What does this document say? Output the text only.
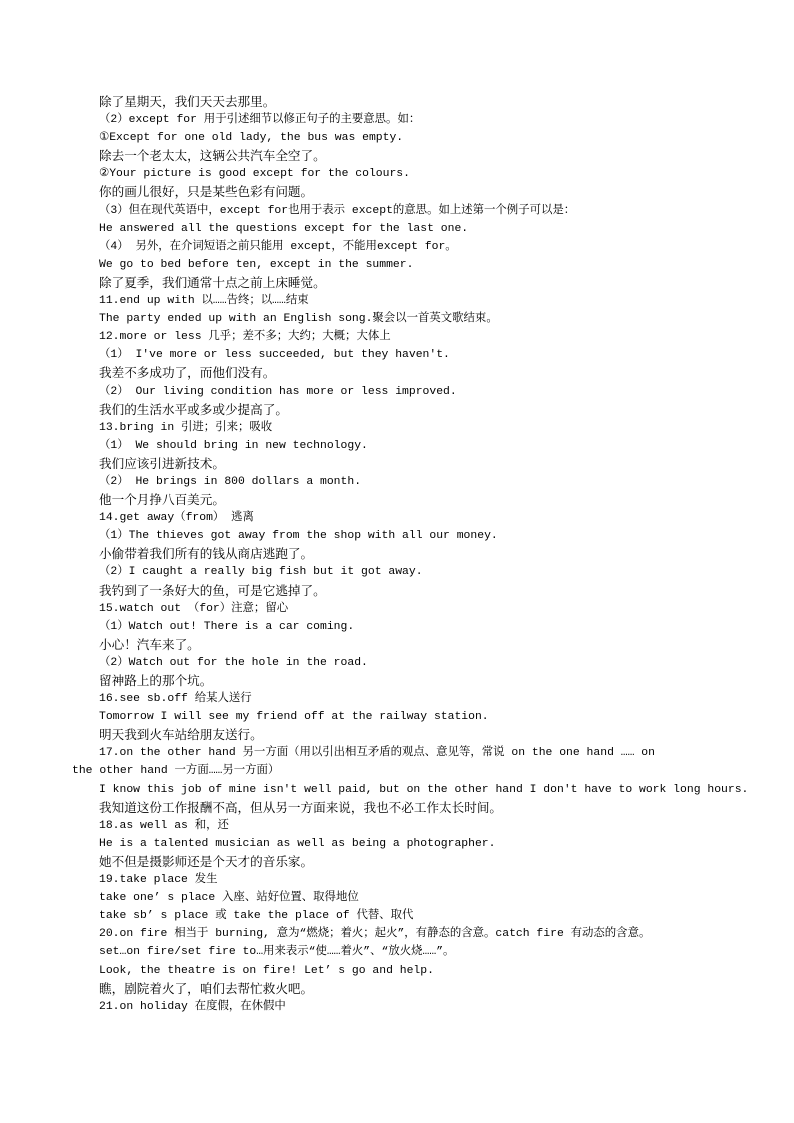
除了星期天，我们天天去那里。
（2）except for 用于引述细节以修正句子的主要意思。如：
①Except for one old lady, the bus was empty.
除去一个老太太，这辆公共汽车全空了。
②Your picture is good except for the colours.
你的画儿很好，只是某些色彩有问题。
（3）但在现代英语中，except for也用于表示 except的意思。如上述第一个例子可以是：
He answered all the questions except for the last one.
（4） 另外，在介词短语之前只能用 except，不能用except for。
We go to bed before ten, except in the summer.
除了夏季，我们通常十点之前上床睡觉。
11.end up with 以……告终；以……结束
The party ended up with an English song.聚会以一首英文歌结束。
12.more or less 几乎；差不多；大约；大概；大体上
（1） I've more or less succeeded, but they haven't.
我差不多成功了，而他们没有。
（2） Our living condition has more or less improved.
我们的生活水平或多或少提高了。
13.bring in 引进；引来；吸收
（1） We should bring in new technology.
我们应该引进新技术。
（2） He brings in 800 dollars a month.
他一个月挣八百美元。
14.get away（from） 逃离
（1）The thieves got away from the shop with all our money.
小偷带着我们所有的钱从商店逃跑了。
（2）I caught a really big fish but it got away.
我钓到了一条好大的鱼，可是它逃掉了。
15.watch out （for）注意；留心
（1）Watch out! There is a car coming.
小心！汽车来了。
（2）Watch out for the hole in the road.
留神路上的那个坑。
16.see sb.off 给某人送行
Tomorrow I will see my friend off at the railway station.
明天我到火车站给朋友送行。
17.on the other hand 另一方面（用以引出相互矛盾的观点、意见等，常说 on the one hand …… on
the other hand 一方面……另一方面）
I know this job of mine isn't well paid, but on the other hand I don't have to work long hours.
我知道这份工作报酬不高，但从另一方面来说，我也不必工作太长时间。
18.as well as 和，还
He is a talented musician as well as being a photographer.
她不但是摄影师还是个天才的音乐家。
19.take place 发生
take one’ s place 入座、站好位置、取得地位
take sb’ s place 或 take the place of 代替、取代
20.on fire 相当于 burning, 意为“燃烧；着火；起火”，有静态的含意。catch fire 有动态的含意。
set…on fire/set fire to…用来表示“使……着火”、“放火烧……”。
Look, the theatre is on fire! Let’ s go and help.
瞧，剧院着火了，咱们去帮忙救火吧。
21.on holiday 在度假，在休假中
